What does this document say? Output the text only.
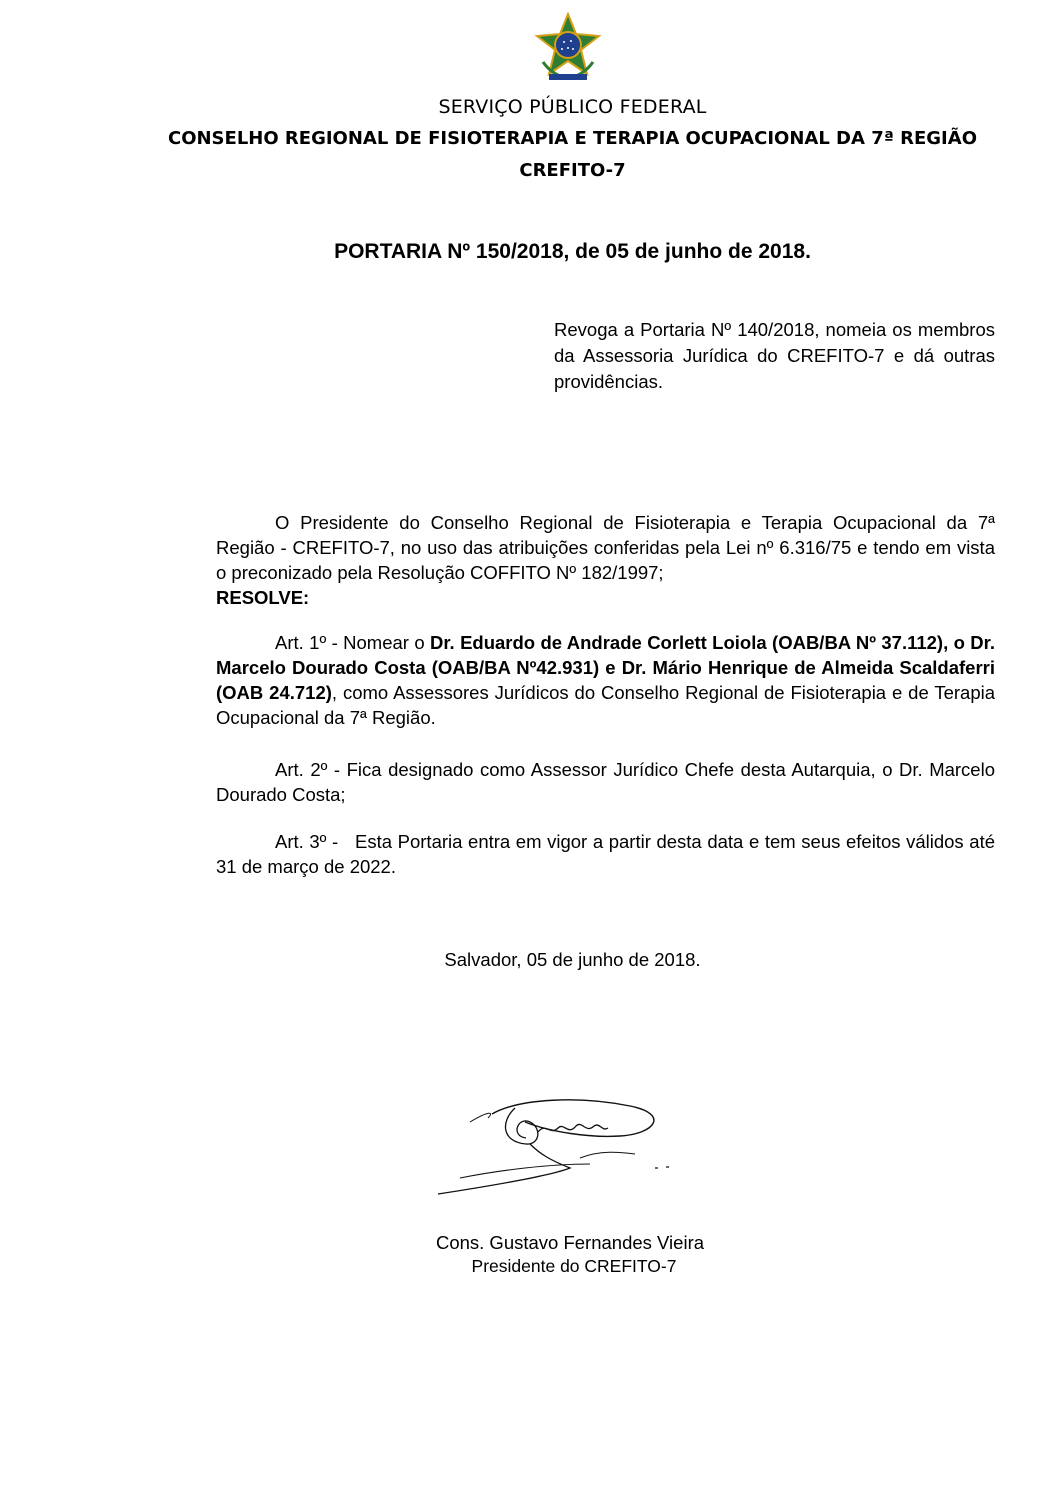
SERVIÇO PÚBLICO FEDERAL
CONSELHO REGIONAL DE FISIOTERAPIA E TERAPIA OCUPACIONAL DA 7ª REGIÃO
CREFITO-7
PORTARIA Nº 150/2018, de 05 de junho de 2018.
Revoga a Portaria Nº 140/2018, nomeia os membros da Assessoria Jurídica do CREFITO-7 e dá outras providências.
O Presidente do Conselho Regional de Fisioterapia e Terapia Ocupacional da 7ª Região - CREFITO-7, no uso das atribuições conferidas pela Lei nº 6.316/75 e tendo em vista o preconizado pela Resolução COFFITO Nº 182/1997;
RESOLVE:
Art. 1º - Nomear o Dr. Eduardo de Andrade Corlett Loiola (OAB/BA Nº 37.112), o Dr. Marcelo Dourado Costa (OAB/BA Nº42.931) e Dr. Mário Henrique de Almeida Scaldaferri (OAB 24.712), como Assessores Jurídicos do Conselho Regional de Fisioterapia e de Terapia Ocupacional da 7ª Região.
Art. 2º - Fica designado como Assessor Jurídico Chefe desta Autarquia, o Dr. Marcelo Dourado Costa;
Art. 3º -   Esta Portaria entra em vigor a partir desta data e tem seus efeitos válidos até 31 de março de 2022.
Salvador, 05 de junho de 2018.
Cons. Gustavo Fernandes Vieira
Presidente do CREFITO-7
